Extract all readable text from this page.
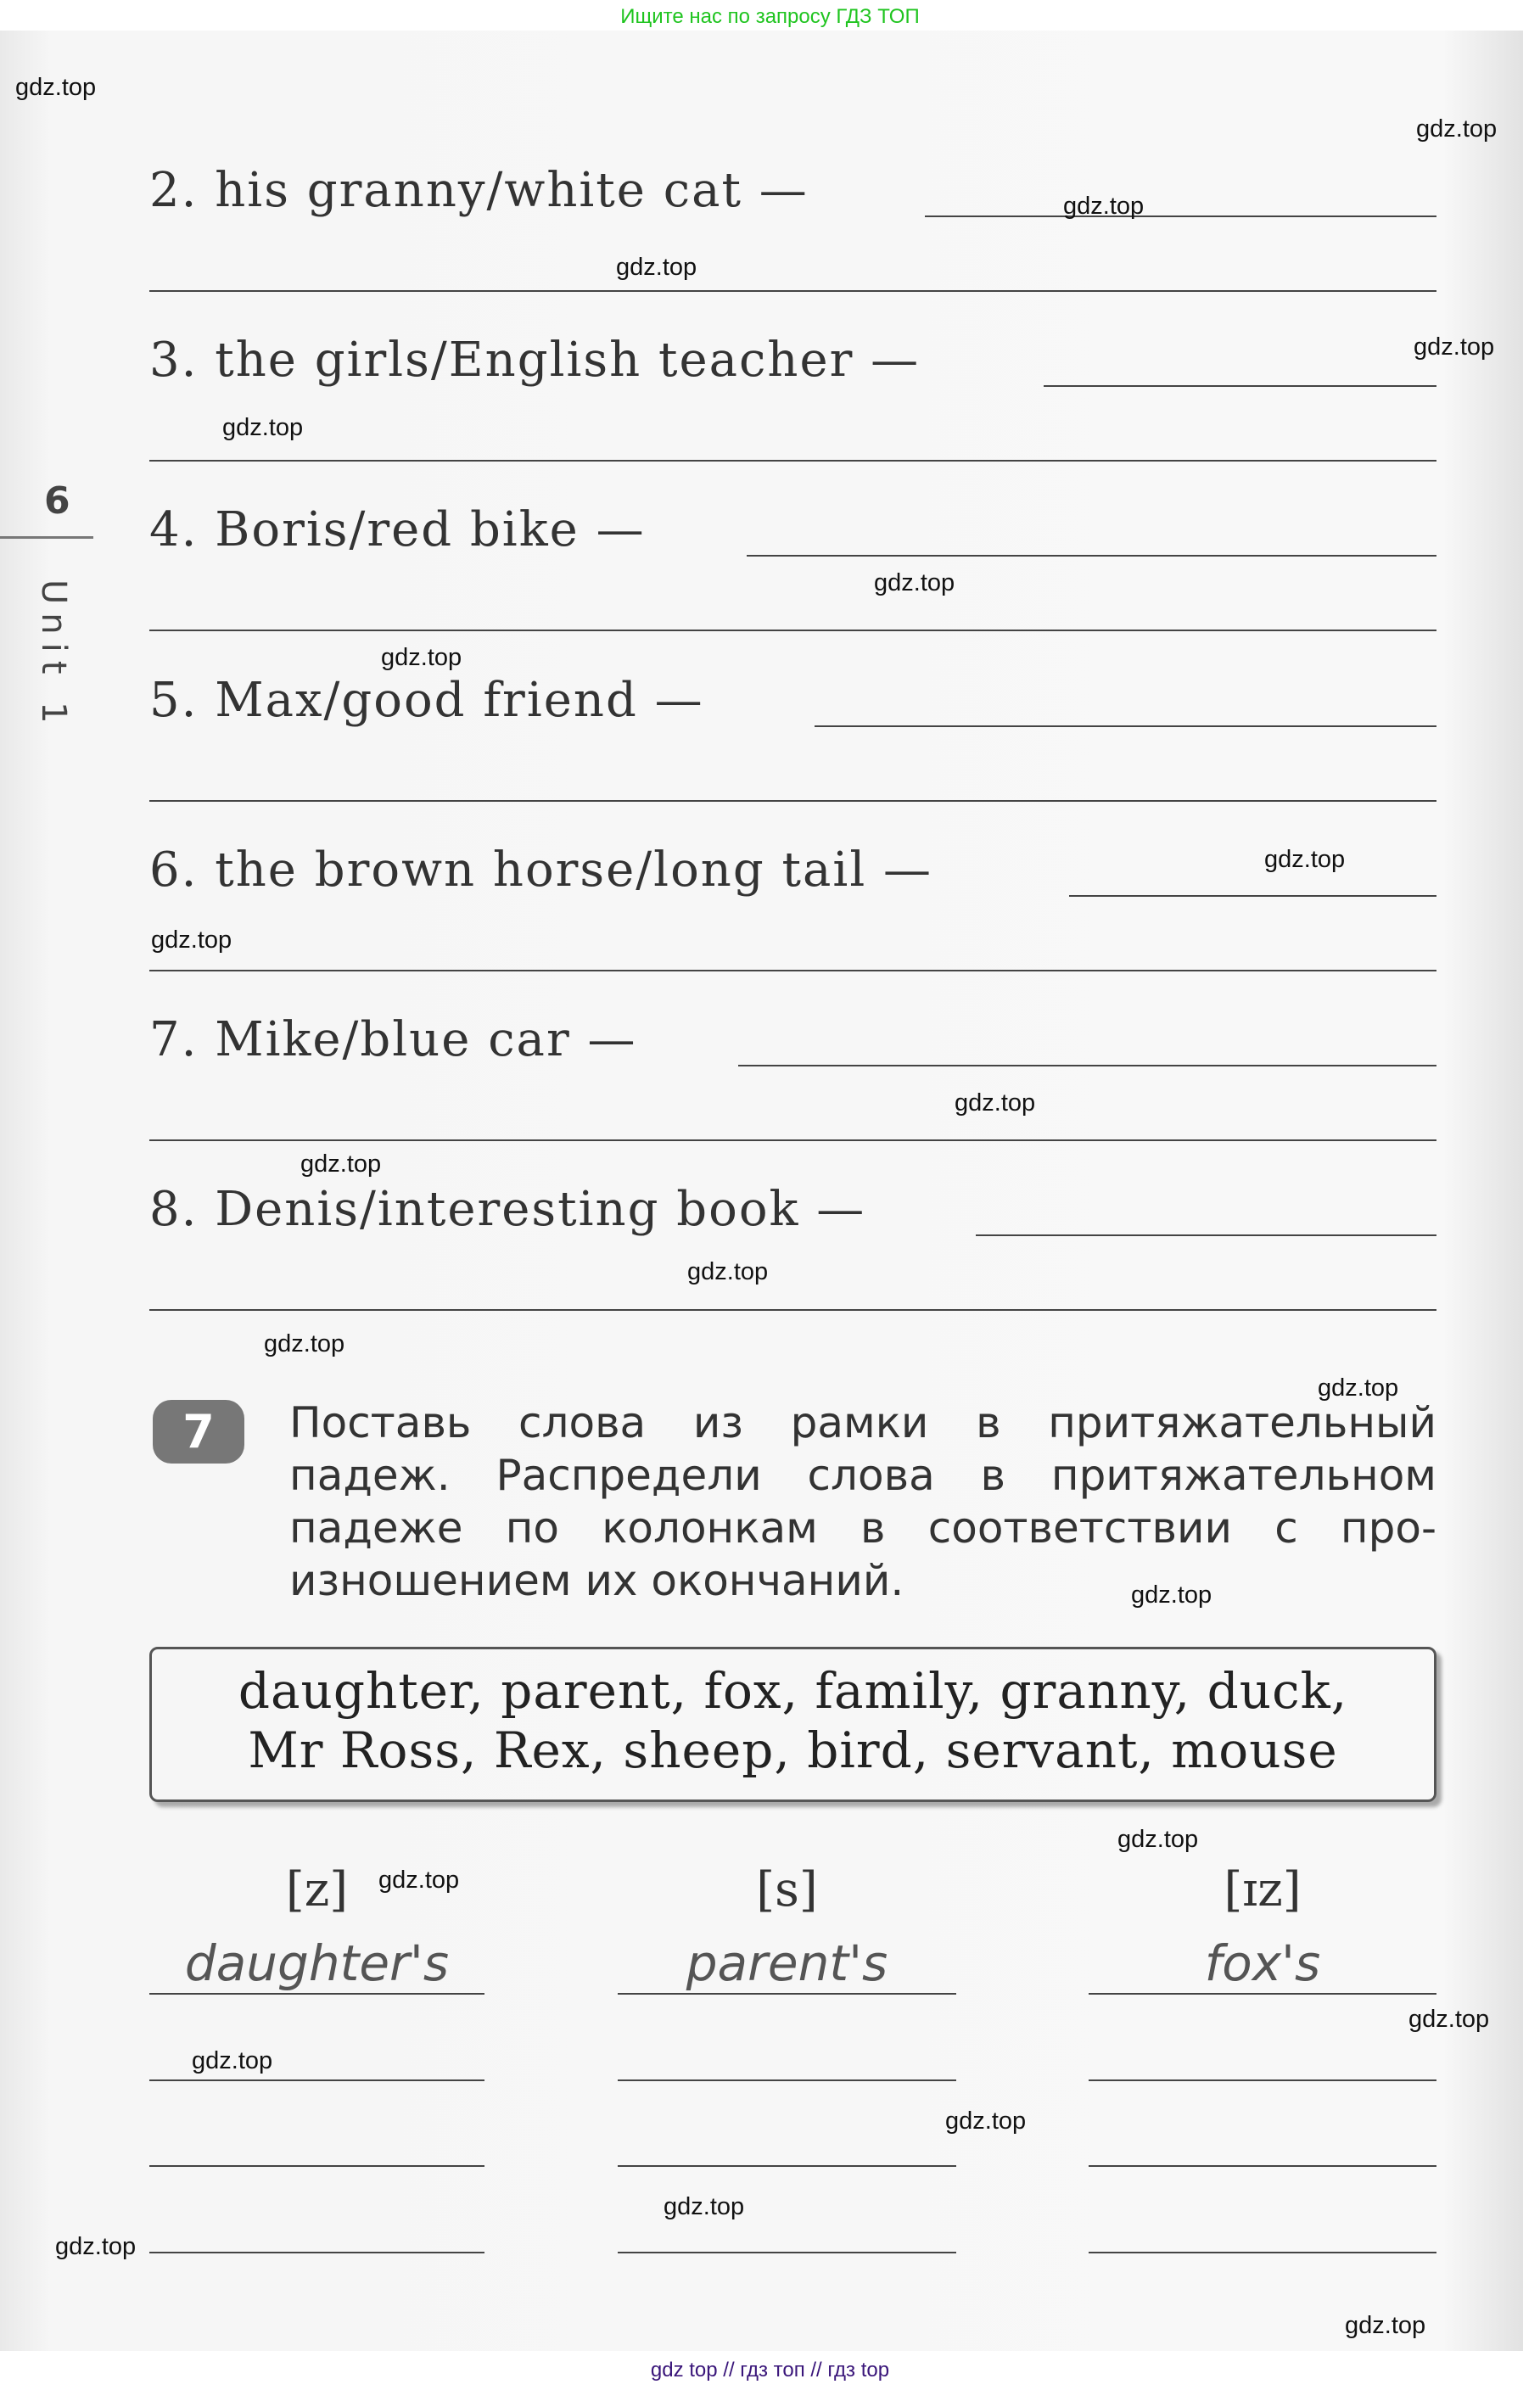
Ищите нас по запросу ГДЗ ТОП
6
Unit 1
2. his granny/white cat —
3. the girls/English teacher —
4. Boris/red bike —
5. Max/good friend —
6. the brown horse/long tail —
7. Mike/blue car —
8. Denis/interesting book —
7	Поставь слова из рамки в притяжательный
падеж. Распредели слова в притяжательном
падеже по колонкам в соответствии с про-
изношением их окончаний.
daughter, parent, fox, family, granny, duck,
Mr Ross, Rex, sheep, bird, servant, mouse
[z]
daughter's
[s]
parent's
[ɪz]
fox's
gdz.top
gdz.top
gdz.top
gdz.top
gdz.top
gdz.top
gdz.top
gdz.top
gdz.top
gdz.top
gdz.top
gdz.top
gdz.top
gdz.top
gdz.top
gdz.top
gdz.top
gdz.top
gdz.top
gdz.top
gdz.top
gdz.top
gdz.top
gdz.top
gdz top // гдз топ // гдз top
